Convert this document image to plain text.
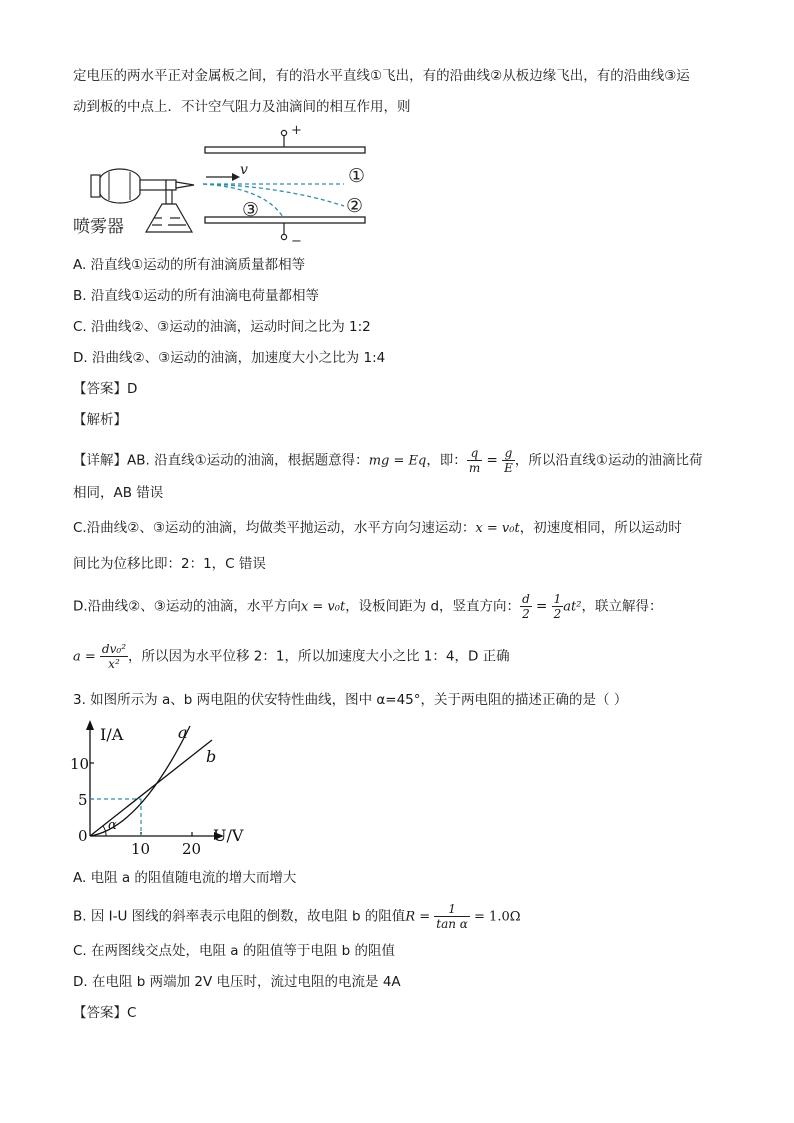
定电压的两水平正对金属板之间，有的沿水平直线①飞出，有的沿曲线②从板边缘飞出，有的沿曲线③运
动到板的中点上．不计空气阻力及油滴间的相互作用，则
+
−
v	①
②
③
喷雾器
A. 沿直线①运动的所有油滴质量都相等
B. 沿直线①运动的所有油滴电荷量都相等
C. 沿曲线②、③运动的油滴，运动时间之比为 1:2
D. 沿曲线②、③运动的油滴，加速度大小之比为 1:4
【答案】D
【解析】
【详解】AB. 沿直线①运动的油滴，根据题意得：mg = Eq，即： $\frac{q}{m} = \frac{g}{E}$ ，所以沿直线①运动的油滴比荷
相同，AB 错误
C.沿曲线②、③运动的油滴，均做类平抛运动，水平方向匀速运动：x = v₀t，初速度相同，所以运动时
间比为位移比即：2：1，C 错误
D.沿曲线②、③运动的油滴，水平方向x = v₀t，设板间距为 d，竖直方向： $\frac{d}{2} = \frac{1}{2} at^2$，联立解得：
$a = \frac{\text{dv₀²}}{\text{x²}}$ ，所以因为水平位移 2：1，所以加速度大小之比 1：4，D 正确
3. 如图所示为 a、b 两电阻的伏安特性曲线，图中 α=45°，关于两电阻的描述正确的是（ ）
α
I/A
U/V
10
5
0
10 20
a
b
A. 电阻 a 的阻值随电流的增大而增大
B. 因 I-U 图线的斜率表示电阻的倒数，故电阻 b 的阻值$R = \frac{1}{\text{tan α}} = 1.0\Omega$
C. 在两图线交点处，电阻 a 的阻值等于电阻 b 的阻值
D. 在电阻 b 两端加 2V 电压时，流过电阻的电流是 4A
【答案】C
